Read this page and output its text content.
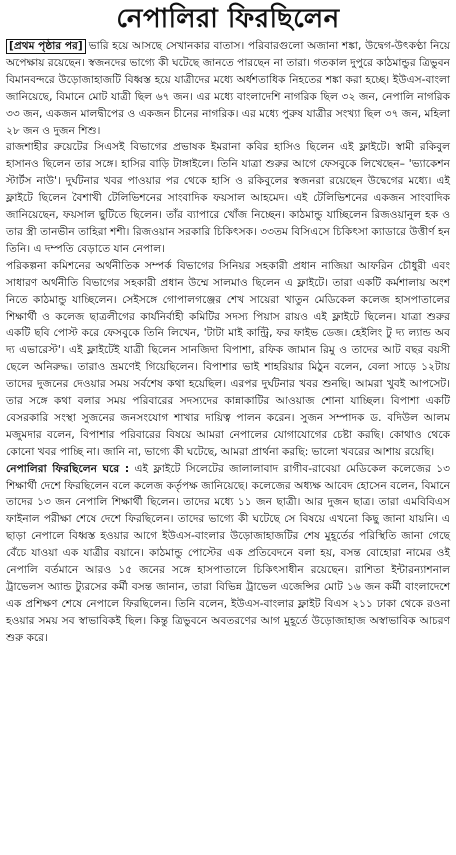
নেপালিরা ফিরছিলেন

[প্রথম পৃষ্ঠার পর] ভারি হয়ে আসছে সেখানকার বাতাস। পরিবারগুলো অজানা শঙ্কা, উদ্বেগ-উৎকণ্ঠা নিয়ে অপেক্ষায় রয়েছেন। স্বজনদের ভাগ্যে কী ঘটেছে জানতে পারছেন না তারা। গতকাল দুপুরে কাঠমান্ডুর ত্রিভুবন বিমানবন্দরে উড়োজাহাজটি বিধ্বস্ত হয়ে যাত্রীদের মধ্যে অর্ধশতাধিক নিহতের শঙ্কা করা হচ্ছে। ইউএস-বাংলা জানিয়েছে, বিমানে মোট যাত্রী ছিল ৬৭ জন। এর মধ্যে বাংলাদেশি নাগরিক ছিল ৩২ জন, নেপালি নাগরিক ৩৩ জন, একজন মালদ্বীপের ও একজন চীনের নাগরিক। এর মধ্যে পুরুষ যাত্রীর সংখ্যা ছিল ৩৭ জন, মহিলা ২৮ জন ও দুজন শিশু।

রাজশাহীর রুয়েটের সিএসই বিভাগের প্রভাষক ইমরানা কবির হাসিও ছিলেন এই ফ্লাইটে। স্বামী রকিবুল হাসানও ছিলেন তার সঙ্গে। হাসির বাড়ি টাঙ্গাইলে। তিনি যাত্রা শুরুর আগে ফেসবুকে লিখেছেন– 'ভ্যাকেশন স্টার্টস নাউ'। দুর্ঘটনার খবর পাওয়ার পর থেকে হাসি ও রকিবুলের স্বজনরা রয়েছেন উদ্বেগের মধ্যে। এই ফ্লাইটে ছিলেন বৈশাখী টেলিভিশনের সাংবাদিক ফয়সাল আহমেদ। এই টেলিভিশনের একজন সাংবাদিক জানিয়েছেন, ফয়সাল ছুটিতে ছিলেন। তাঁর ব্যাপারে খোঁজ নিচ্ছেন। কাঠমান্ডু যাচ্ছিলেন রিজওয়ানুল হক ও তার স্ত্রী তানভীন তাহিরা শশী। রিজওয়ান সরকারি চিকিৎসক। ৩৩তম বিসিএসে চিকিৎসা ক্যাডারে উত্তীর্ণ হন তিনি। এ দম্পতি বেড়াতে যান নেপাল।

পরিকল্পনা কমিশনের অর্থনীতিক সম্পর্ক বিভাগের সিনিয়র সহকারী প্রধান নাজিয়া আফরিন চৌধুরী এবং সাধারণ অর্থনীতি বিভাগের সহকারী প্রধান উম্মে সালমাও ছিলেন এ ফ্লাইটে। তারা একটি কর্মশালায় অংশ নিতে কাঠমান্ডু যাচ্ছিলেন। সেইসঙ্গে গোপালগঞ্জের শেখ সায়েরা খাতুন মেডিকেল কলেজ হাসপাতালের শিক্ষার্থী ও কলেজ ছাত্রলীগের কার্যনির্বাহী কমিটির সদস্য পিয়াস রায়ও এই ফ্লাইটে ছিলেন। যাত্রা শুরুর একটি ছবি পোস্ট করে ফেসবুকে তিনি লিখেন, 'টাটা মাই কান্ট্রি, ফর ফাইভ ডেজ। হেইলিং টু দ্য ল্যান্ড অব দ্য এভারেস্ট'। এই ফ্লাইটেই যাত্রী ছিলেন সানজিদা বিপাশা, রফিক জামান রিমু ও তাদের আট বছর বয়সী ছেলে অনিরুদ্ধ। তারাও ভ্রমণেই গিয়েছিলেন। বিপাশার ভাই শাহরিয়ার মিঠুন বলেন, বেলা সাড়ে ১২টায় তাদের দুজনের দেওয়ার সময় সর্বশেষ কথা হয়েছিল। এরপর দুর্ঘটনার খবর শুনছি। আমরা খুবই আপসেট। তার সঙ্গে কথা বলার সময় পরিবারের সদস্যদের কান্নাকাটির আওয়াজ শোনা যাচ্ছিল। বিপাশা একটি বেসরকারি সংস্থা সুজনের জনসংযোগ শাখার দায়িত্ব পালন করেন। সুজন সম্পাদক ড. বদিউল আলম মজুমদার বলেন, বিপাশার পরিবারের বিষয়ে আমরা নেপালের যোগাযোগের চেষ্টা করছি। কোথাও থেকে কোনো খবর পাচ্ছি না। জানি না, ভাগ্যে কী ঘটেছে, আমরা প্রার্থনা করছি: ভালো খবরের আশায় রয়েছি।

নেপালিরা ফিরছিলেন ঘরে : এই ফ্লাইটে সিলেটের জালালাবাদ রাগীব-রাবেয়া মেডিকেল কলেজের ১৩ শিক্ষার্থী দেশে ফিরছিলেন বলে কলেজ কর্তৃপক্ষ জানিয়েছে। কলেজের অধ্যক্ষ আবেদ হোসেন বলেন, বিমানে তাদের ১৩ জন নেপালি শিক্ষার্থী ছিলেন। তাদের মধ্যে ১১ জন ছাত্রী। আর দুজন ছাত্র। তারা এমবিবিএস ফাইনাল পরীক্ষা শেষে দেশে ফিরছিলেন। তাদের ভাগ্যে কী ঘটেছে সে বিষয়ে এখনো কিছু জানা যায়নি। এ ছাড়া নেপালে বিধ্বস্ত হওয়ার আগে ইউএস-বাংলার উড়োজাহাজটির শেষ মুহূর্তের পরিস্থিতি জানা গেছে বেঁচে যাওয়া এক যাত্রীর বয়ানে। কাঠমান্ডু পোস্টের এক প্রতিবেদনে বলা হয়, বসন্ত বোহোরা নামের ওই নেপালি বর্তমানে আরও ১৫ জনের সঙ্গে হাসপাতালে চিকিৎসাধীন রয়েছেন। রাশিতা ইন্টারন্যাশনাল ট্রাভেলস অ্যান্ড ট্যুরসের কর্মী বসন্ত জানান, তারা বিভিন্ন ট্রাভেল এজেন্সির মোট ১৬ জন কর্মী বাংলাদেশে এক প্রশিক্ষণ শেষে নেপালে ফিরছিলেন। তিনি বলেন, ইউএস-বাংলার ফ্লাইট বিএস ২১১ ঢাকা থেকে রওনা হওয়ার সময় সব স্বাভাবিকই ছিল। কিন্তু ত্রিভুবনে অবতরণের আগ মুহূর্তে উড়োজাহাজ অস্বাভাবিক আচরণ শুরু করে।
